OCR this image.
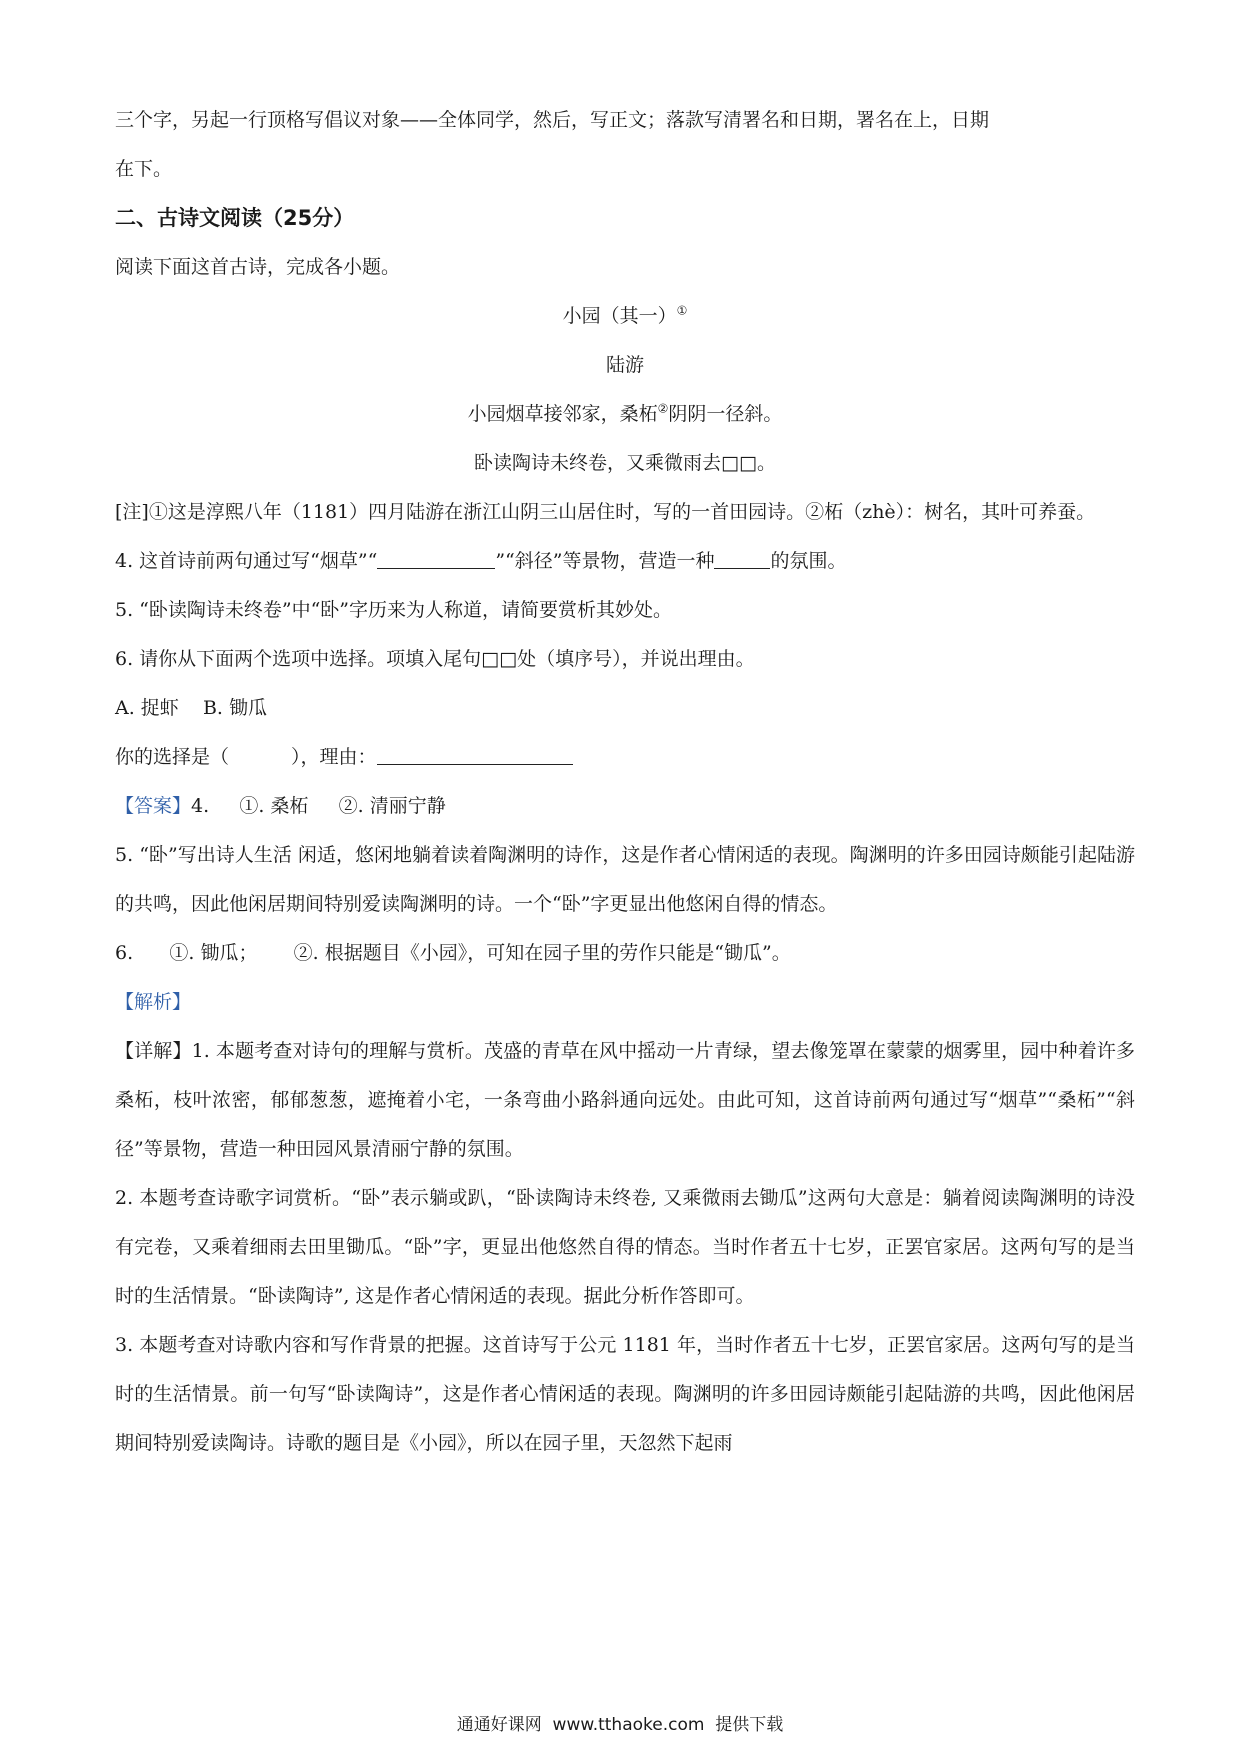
三个字，另起一行顶格写倡议对象——全体同学，然后，写正文；落款写清署名和日期，署名在上，日期

在下。

二、古诗文阅读（25分）

阅读下面这首古诗，完成各小题。

小园（其一）①

陆游

小园烟草接邻家，桑柘②阴阴一径斜。

卧读陶诗未终卷，又乘微雨去□□。

[注]①这是淳熙八年（1181）四月陆游在浙江山阴三山居住时，写的一首田园诗。②柘（zhè）：树名，其叶可养蚕。

4. 这首诗前两句通过写“烟草”“	”“斜径”等景物，营造一种	的氛围。

5. “卧读陶诗未终卷”中“卧”字历来为人称道，请简要赏析其妙处。

6. 请你从下面两个选项中选择。项填入尾句□□处（填序号），并说出理由。

A. 捉虾    B. 锄瓜

你的选择是（	），理由：

【答案】4.     ①. 桑柘     ②. 清丽宁静

5. “卧”写出诗人生活 闲适，悠闲地躺着读着陶渊明的诗作，这是作者心情闲适的表现。陶渊明的许多田园诗颇能引起陆游的共鸣，因此他闲居期间特别爱读陶渊明的诗。一个“卧”字更显出他悠闲自得的情态。

6.      ①. 锄瓜；      ②. 根据题目《小园》，可知在园子里的劳作只能是“锄瓜”。

【解析】

【详解】1. 本题考查对诗句的理解与赏析。茂盛的青草在风中摇动一片青绿，望去像笼罩在蒙蒙的烟雾里，园中种着许多桑柘，枝叶浓密，郁郁葱葱，遮掩着小宅，一条弯曲小路斜通向远处。由此可知，这首诗前两句通过写“烟草”“桑柘”“斜径”等景物，营造一种田园风景清丽宁静的氛围。

2. 本题考查诗歌字词赏析。“卧”表示躺或趴，“卧读陶诗未终卷, 又乘微雨去锄瓜”这两句大意是：躺着阅读陶渊明的诗没有完卷，又乘着细雨去田里锄瓜。“卧”字，更显出他悠然自得的情态。当时作者五十七岁，正罢官家居。这两句写的是当时的生活情景。“卧读陶诗”, 这是作者心情闲适的表现。据此分析作答即可。

3. 本题考查对诗歌内容和写作背景的把握。这首诗写于公元 1181 年，当时作者五十七岁，正罢官家居。这两句写的是当时的生活情景。前一句写“卧读陶诗”，这是作者心情闲适的表现。陶渊明的许多田园诗颇能引起陆游的共鸣，因此他闲居期间特别爱读陶诗。诗歌的题目是《小园》，所以在园子里，天忽然下起雨

通通好课网  www.tthaoke.com  提供下载
